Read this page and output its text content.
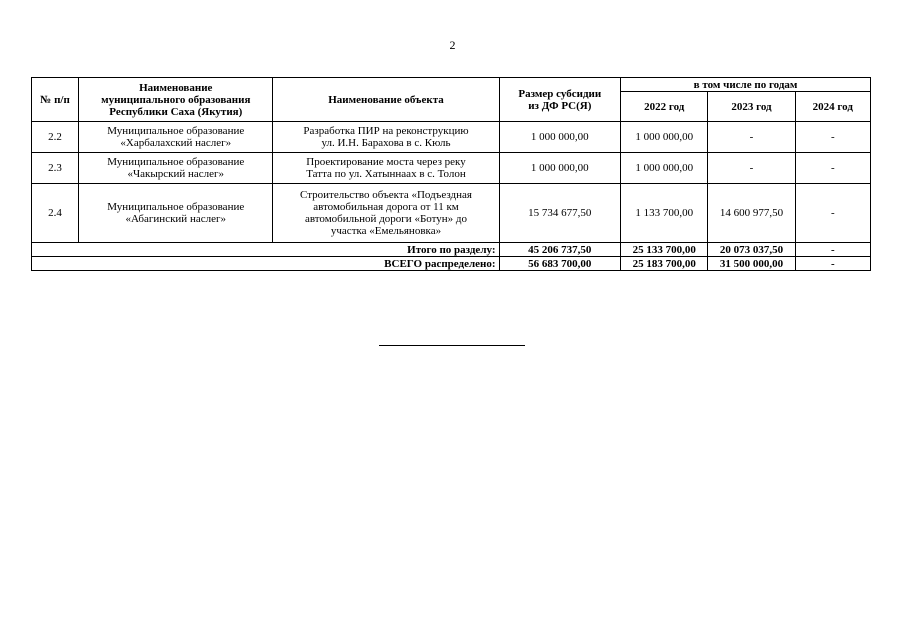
2
№ п/п	Наименование
муниципального образования
Республики Саха (Якутия)	Наименование объекта	Размер субсидии
из ДФ РС(Я)	в том числе по годам		
				2022 год	2023 год	2024 год
2.2	Муниципальное образование
«Харбалахский наслег»	Разработка ПИР на реконструкцию
ул. И.Н. Барахова в с. Кюль	1 000 000,00	1 000 000,00	-	-
2.3	Муниципальное образование
«Чакырский наслег»	Проектирование моста через реку
Татта по ул. Хатыннаах в с. Толон	1 000 000,00	1 000 000,00	-	-
2.4	Муниципальное образование
«Абагинский наслег»	Строительство объекта «Подъездная
автомобильная дорога от 11 км
автомобильной дороги «Ботун» до
участка «Емельяновка»	15 734 677,50	1 133 700,00	14 600 977,50	-
Итого по разделу:			45 206 737,50	25 133 700,00	20 073 037,50	-
ВСЕГО распределено:			56 683 700,00	25 183 700,00	31 500 000,00	-
